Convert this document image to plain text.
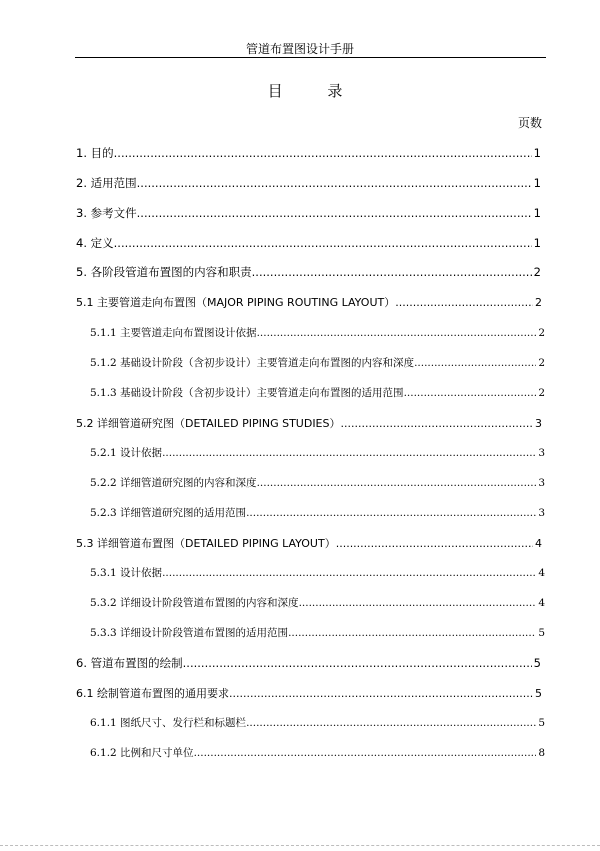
管道布置图设计手册
目 录
页数
1. 目的 .....	1
2. 适用范围 .....	1
3. 参考文件 .....	1
4. 定义 .....	1
5. 各阶段管道布置图的内容和职责 .....	2
5.1 主要管道走向布置图（MAJOR PIPING ROUTING LAYOUT） .....	2
5.1.1 主要管道走向布置图设计依据 .....	2
5.1.2 基础设计阶段（含初步设计）主要管道走向布置图的内容和深度 .....	2
5.1.3 基础设计阶段（含初步设计）主要管道走向布置图的适用范围 .....	2
5.2 详细管道研究图（DETAILED PIPING STUDIES） .....	3
5.2.1 设计依据 .....	3
5.2.2 详细管道研究图的内容和深度 .....	3
5.2.3 详细管道研究图的适用范围 .....	3
5.3 详细管道布置图（DETAILED PIPING LAYOUT） .....	4
5.3.1 设计依据 .....	4
5.3.2 详细设计阶段管道布置图的内容和深度 .....	4
5.3.3 详细设计阶段管道布置图的适用范围 .....	5
6. 管道布置图的绘制 .....	5
6.1 绘制管道布置图的通用要求 .....	5
6.1.1 图纸尺寸、发行栏和标题栏 .....	5
6.1.2 比例和尺寸单位 .....	8
